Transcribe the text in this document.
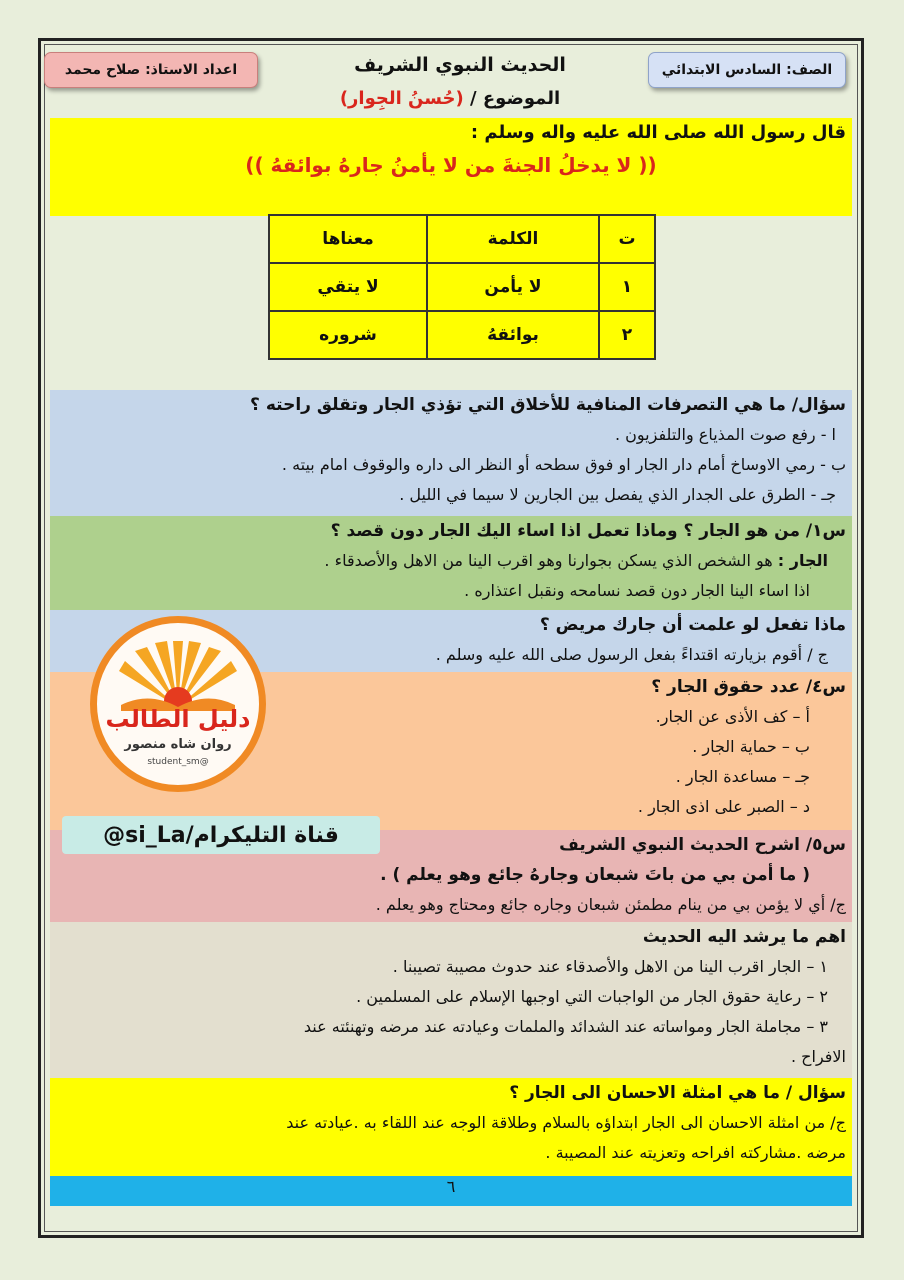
الصف: السادس الابتدائي
الحديث النبوي الشريف
اعداد الاستاذ: صلاح محمد
الموضوع / (حُسنُ الجِوار)
قال رسول الله صلى الله عليه واله وسلم :
(( لا يدخلُ الجنةَ من لا يأمنُ جارهُ بوائقهُ ))
ت	الكلمة	معناها
١	لا يأمن	لا يتقي
٢	بوائقهُ	شروره
سؤال/ ما هي التصرفات المنافية للأخلاق التي تؤذي الجار وتقلق راحته ؟
ا - رفع صوت المذياع والتلفزيون .
ب - رمي الاوساخ أمام دار الجار او فوق سطحه أو النظر الى داره والوقوف امام بيته .
جـ - الطرق على الجدار الذي يفصل بين الجارين لا سيما في الليل .
س١/ من هو الجار ؟ وماذا تعمل اذا اساء اليك الجار دون قصد ؟
الجار : هو الشخص الذي يسكن بجوارنا وهو اقرب الينا من الاهل والأصدقاء .
اذا اساء الينا الجار دون قصد نسامحه ونقبل اعتذاره .
ماذا تفعل لو علمت أن جارك مريض ؟
ج / أقوم بزيارته اقتداءً بفعل الرسول صلى الله عليه وسلم .
س٤/ عدد حقوق الجار ؟
أ – كف الأذى عن الجار.
ب – حماية الجار .
جـ – مساعدة الجار .
د – الصبر على اذى الجار .
س٥/ اشرح الحديث النبوي الشريف
( ما أمن بي من باتَ شبعان وجارهُ جائع وهو يعلم ) .
ج/ أي لا يؤمن بي من ينام مطمئن شبعان وجاره جائع ومحتاج وهو يعلم .
اهم ما يرشد اليه الحديث
١ – الجار اقرب الينا من الاهل والأصدقاء عند حدوث مصيبة تصيبنا .
٢ – رعاية حقوق الجار من الواجبات التي اوجبها الإسلام على المسلمين .
٣ – مجاملة الجار ومواساته عند الشدائد والملمات وعيادته عند مرضه وتهنئته عند
الافراح .
سؤال / ما هي امثلة الاحسان الى الجار ؟
ج/ من امثلة الاحسان الى الجار ابتداؤه بالسلام وطلاقة الوجه عند اللقاء به .عيادته عند
مرضه .مشاركته افراحه وتعزيته عند المصيبة .
٦
دليل الطالب
روان شاه منصور
@student_sm
@si_La/قناة التليكرام
